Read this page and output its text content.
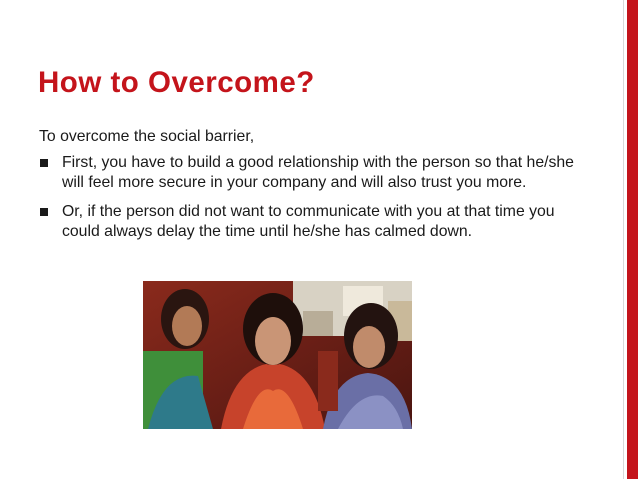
How to Overcome?

To overcome the social barrier,

First, you have to build a good relationship with the person so that he/she will feel more secure in your company and will also trust you more.
Or, if the person did not want to communicate with you at that time you could always delay the time until he/she has calmed down.
